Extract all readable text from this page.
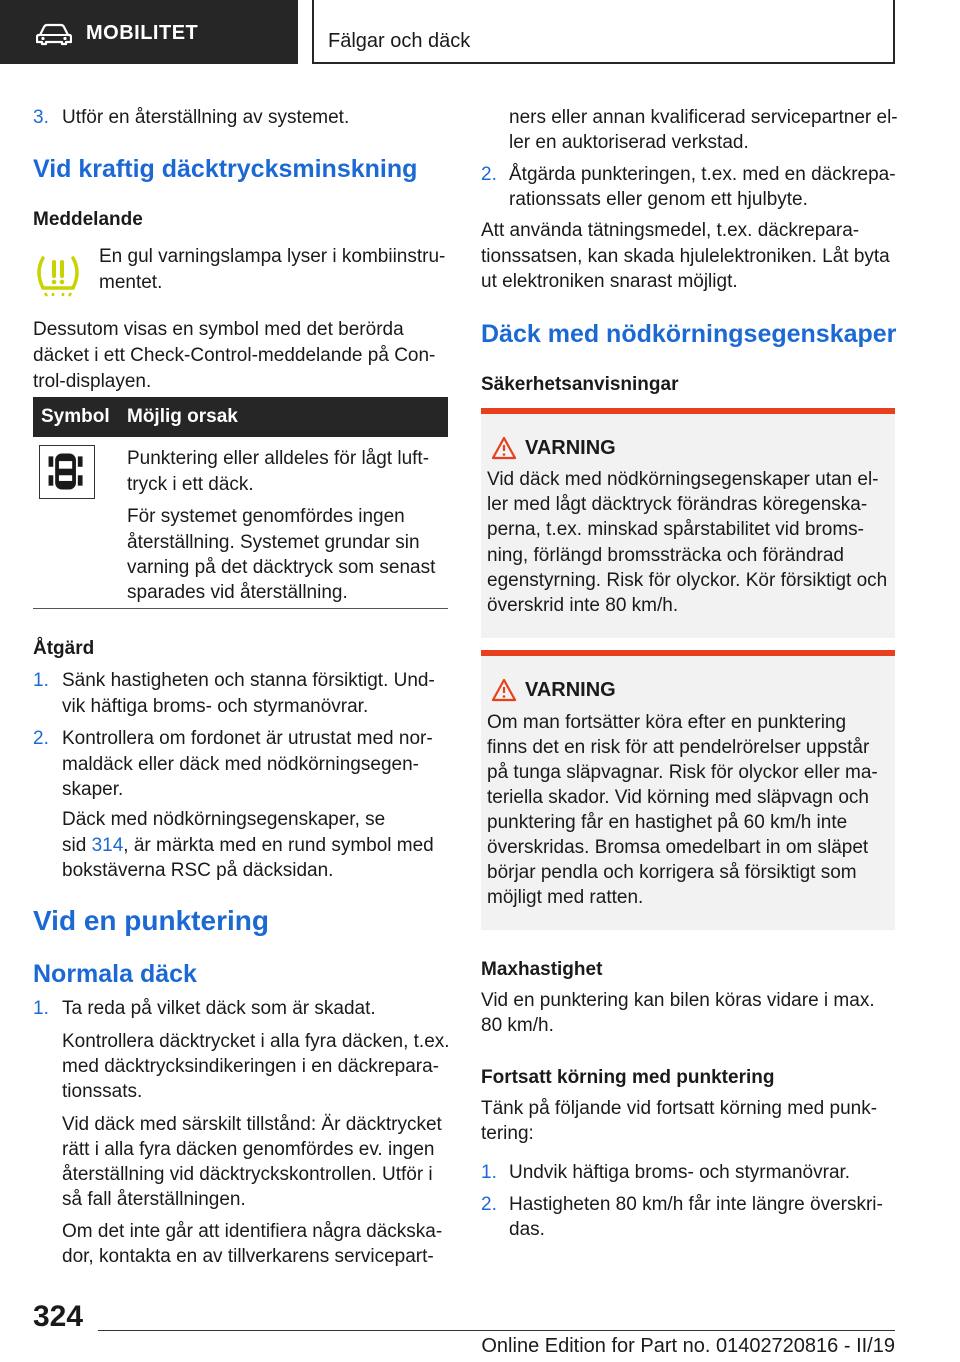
MOBILITET	Fälgar och däck
3. Utför en återställning av systemet.
Vid kraftig däcktrycksminskning
Meddelande
En gul varningslampa lyser i kombiinstru-
mentet.
Dessutom visas en symbol med det berörda
däcket i ett Check-Control-meddelande på Con-
trol-displayen.
Symbol Möjlig orsak
Punktering eller alldeles för lågt luft-
tryck i ett däck.
För systemet genomfördes ingen
återställning. Systemet grundar sin
varning på det däcktryck som senast
sparades vid återställning.
Åtgärd
1. Sänk hastigheten och stanna försiktigt. Und-
vik häftiga broms- och styrmanövrar.
2. Kontrollera om fordonet är utrustat med nor-
maldäck eller däck med nödkörningsegen-
skaper.
Däck med nödkörningsegenskaper, se
sid 314, är märkta med en rund symbol med
bokstäverna RSC på däcksidan.
Vid en punktering
Normala däck
1. Ta reda på vilket däck som är skadat.
Kontrollera däcktrycket i alla fyra däcken, t.ex.
med däcktrycksindikeringen i en däckrepara-
tionssats.
Vid däck med särskilt tillstånd: Är däcktrycket
rätt i alla fyra däcken genomfördes ev. ingen
återställning vid däcktryckskontrollen. Utför i
så fall återställningen.
Om det inte går att identifiera några däckska-
dor, kontakta en av tillverkarens servicepart-
ners eller annan kvalificerad servicepartner el-
ler en auktoriserad verkstad.
2. Åtgärda punkteringen, t.ex. med en däckrepa-
rationssats eller genom ett hjulbyte.
Att använda tätningsmedel, t.ex. däckrepara-
tionssatsen, kan skada hjulelektroniken. Låt byta
ut elektroniken snarast möjligt.
Däck med nödkörningsegenskaper
Säkerhetsanvisningar
VARNING
Vid däck med nödkörningsegenskaper utan el-
ler med lågt däcktryck förändras köregenska-
perna, t.ex. minskad spårstabilitet vid broms-
ning, förlängd bromssträcka och förändrad
egenstyrning. Risk för olyckor. Kör försiktigt och
överskrid inte 80 km/h.
VARNING
Om man fortsätter köra efter en punktering
finns det en risk för att pendelrörelser uppstår
på tunga släpvagnar. Risk för olyckor eller ma-
teriella skador. Vid körning med släpvagn och
punktering får en hastighet på 60 km/h inte
överskridas. Bromsa omedelbart in om släpet
börjar pendla och korrigera så försiktigt som
möjligt med ratten.
Maxhastighet
Vid en punktering kan bilen köras vidare i max.
80 km/h.
Fortsatt körning med punktering
Tänk på följande vid fortsatt körning med punk-
tering:
1. Undvik häftiga broms- och styrmanövrar.
2. Hastigheten 80 km/h får inte längre överskri-
das.
324
Online Edition for Part no. 01402720816 - II/19
